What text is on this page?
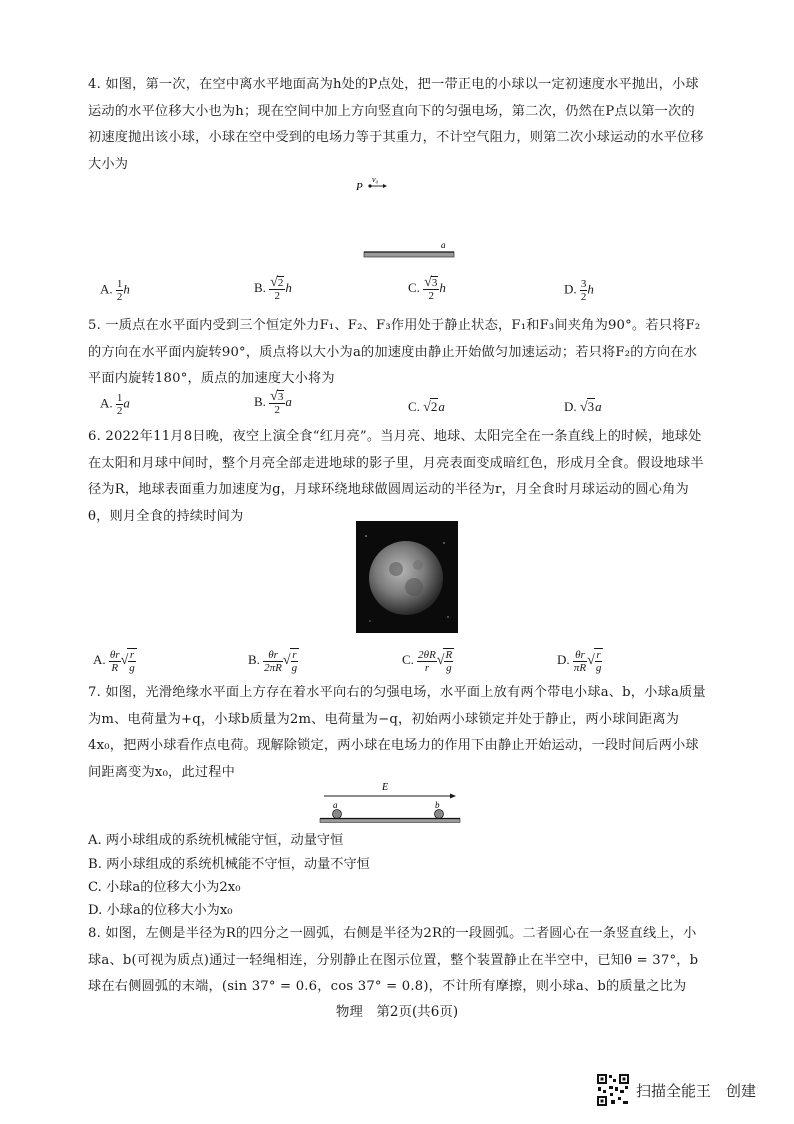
4. 如图，第一次，在空中离水平地面高为h处的P点处，把一带正电的小球以一定初速度水平抛出，小球运动的水平位移大小也为h；现在空间中加上方向竖直向下的匀强电场，第二次，仍然在P点以第一次的初速度抛出该小球，小球在空中受到的电场力等于其重力，不计空气阻力，则第二次小球运动的水平位移大小为

P
v₀
a
A. $\frac{1}{2}$ h	B. $\frac{√2}{2}$ h	C. $\frac{√3}{2}$ h	D. $\frac{3}{2}$ h

5. 一质点在水平面内受到三个恒定外力F₁、F₂、F₃作用处于静止状态，F₁和F₃间夹角为90°。若只将F₂的方向在水平面内旋转90°，质点将以大小为a的加速度由静止开始做匀加速运动；若只将F₂的方向在水平面内旋转180°，质点的加速度大小将为

A. $\frac{1}{2}$ a	B. $\frac{√3}{2}$ a	C. √2a	D. √3a

6. 2022年11月8日晚，夜空上演全食“红月亮”。当月亮、地球、太阳完全在一条直线上的时候，地球处在太阳和月球中间时，整个月亮全部走进地球的影子里，月亮表面变成暗红色，形成月全食。假设地球半径为R，地球表面重力加速度为g，月球环绕地球做圆周运动的半径为r，月全食时月球运动的圆心角为θ，则月全食的持续时间为

A. $\frac{\theta r}{R}$ √ $\frac{r}{g}$	B. $\frac{\theta r}{2\pi R}$ √ $\frac{r}{g}$	C. $\frac{2\theta R}{r}$ √ $\frac{R}{g}$	D. $\frac{\theta r}{\pi R}$ √ $\frac{r}{g}$

7. 如图，光滑绝缘水平面上方存在着水平向右的匀强电场，水平面上放有两个带电小球a、b，小球a质量为m、电荷量为+q，小球b质量为2m、电荷量为−q，初始两小球锁定并处于静止，两小球间距离为4x₀，把两小球看作点电荷。现解除锁定，两小球在电场力的作用下由静止开始运动，一段时间后两小球间距离变为x₀，此过程中

E
a	b
A. 两小球组成的系统机械能守恒，动量守恒
B. 两小球组成的系统机械能不守恒，动量不守恒
C. 小球a的位移大小为2x₀
D. 小球a的位移大小为x₀

8. 如图，左侧是半径为R的四分之一圆弧，右侧是半径为2R的一段圆弧。二者圆心在一条竖直线上，小球a、b(可视为质点)通过一轻绳相连，分别静止在图示位置，整个装置静止在半空中，已知θ = 37°，b球在右侧圆弧的末端，(sin 37° = 0.6，cos 37° = 0.8)，不计所有摩擦，则小球a、b的质量之比为

物理　第2页(共6页)
扫描全能王　创建
